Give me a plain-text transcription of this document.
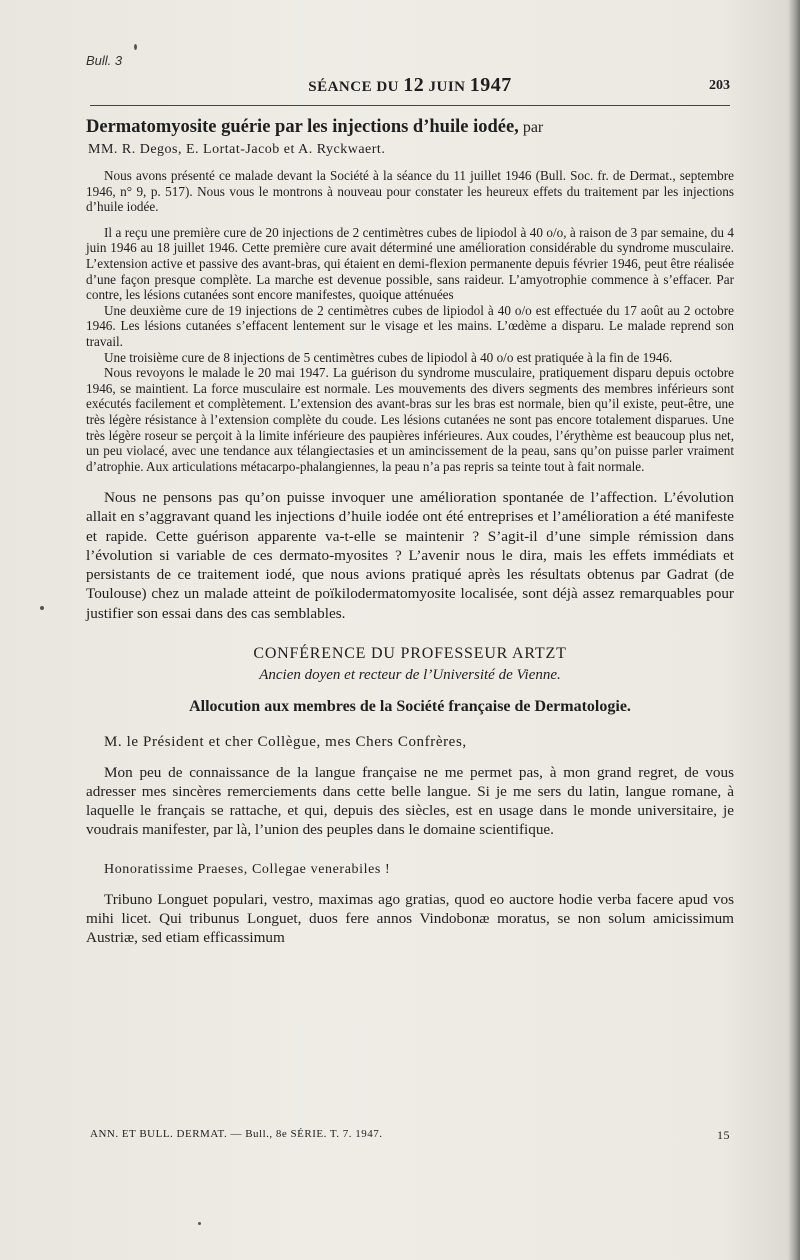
Bull. 3
SÉANCE DU 12 JUIN 1947	203
Dermatomyosite guérie par les injections d’huile iodée, par
MM. R. Degos, E. Lortat-Jacob et A. Ryckwaert.

Nous avons présenté ce malade devant la Société à la séance du 11 juillet 1946 (Bull. Soc. fr. de Dermat., septembre 1946, n° 9, p. 517). Nous vous le montrons à nouveau pour constater les heureux effets du traitement par les injections d’huile iodée.

Il a reçu une première cure de 20 injections de 2 centimètres cubes de lipiodol à 40 o/o, à raison de 3 par semaine, du 4 juin 1946 au 18 juillet 1946. Cette première cure avait déterminé une amélioration considérable du syndrome musculaire. L’extension active et passive des avant-bras, qui étaient en demi-flexion permanente depuis février 1946, peut être réalisée d’une façon presque complète. La marche est devenue possible, sans raideur. L’amyotrophie commence à s’effacer. Par contre, les lésions cutanées sont encore manifestes, quoique atténuées

Une deuxième cure de 19 injections de 2 centimètres cubes de lipiodol à 40 o/o est effectuée du 17 août au 2 octobre 1946. Les lésions cutanées s’effacent lentement sur le visage et les mains. L’œdème a disparu. Le malade reprend son travail.

Une troisième cure de 8 injections de 5 centimètres cubes de lipiodol à 40 o/o est pratiquée à la fin de 1946.

Nous revoyons le malade le 20 mai 1947. La guérison du syndrome musculaire, pratiquement disparu depuis octobre 1946, se maintient. La force musculaire est normale. Les mouvements des divers segments des membres inférieurs sont exécutés facilement et complètement. L’extension des avant-bras sur les bras est normale, bien qu’il existe, peut-être, une très légère résistance à l’extension complète du coude. Les lésions cutanées ne sont pas encore totalement disparues. Une très légère roseur se perçoit à la limite inférieure des paupières inférieures. Aux coudes, l’érythème est beaucoup plus net, un peu violacé, avec une tendance aux télangiectasies et un amincissement de la peau, sans qu’on puisse parler vraiment d’atrophie. Aux articulations métacarpo-phalangiennes, la peau n’a pas repris sa teinte tout à fait normale.

Nous ne pensons pas qu’on puisse invoquer une amélioration spontanée de l’affection. L’évolution allait en s’aggravant quand les injections d’huile iodée ont été entreprises et l’amélioration a été manifeste et rapide. Cette guérison apparente va-t-elle se maintenir ? S’agit-il d’une simple rémission dans l’évolution si variable de ces dermato-myosites ? L’avenir nous le dira, mais les effets immédiats et persistants de ce traitement iodé, que nous avions pratiqué après les résultats obtenus par Gadrat (de Toulouse) chez un malade atteint de poïkilodermatomyosite localisée, sont déjà assez remarquables pour justifier son essai dans des cas semblables.

CONFÉRENCE DU PROFESSEUR ARTZT
Ancien doyen et recteur de l’Université de Vienne.
Allocution aux membres de la Société française de Dermatologie.
M. le Président et cher Collègue, mes Chers Confrères,

Mon peu de connaissance de la langue française ne me permet pas, à mon grand regret, de vous adresser mes sincères remerciements dans cette belle langue. Si je me sers du latin, langue romane, à laquelle le français se rattache, et qui, depuis des siècles, est en usage dans le monde universitaire, je voudrais manifester, par là, l’union des peuples dans le domaine scientifique.

Honoratissime Praeses, Collegae venerabiles !

Tribuno Longuet populari, vestro, maximas ago gratias, quod eo auctore hodie verba facere apud vos mihi licet. Qui tribunus Longuet, duos fere annos Vindobonæ moratus, se non solum amicissimum Austriæ, sed etiam efficassimum

ANN. ET BULL. DERMAT. — Bull., 8e SÉRIE. T. 7. 1947.	15
